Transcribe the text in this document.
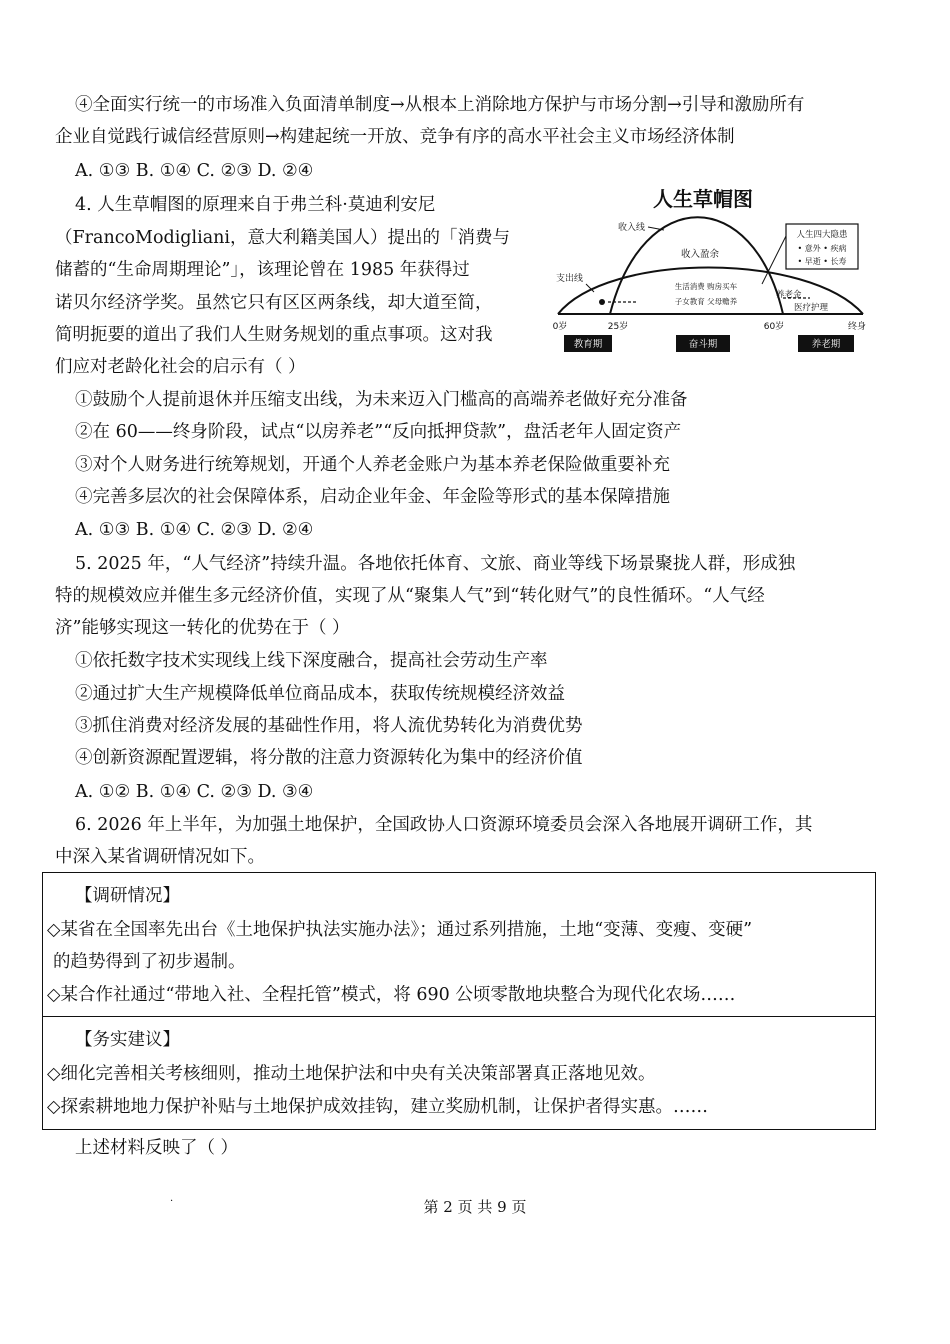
④全面实行统一的市场准入负面清单制度→从根本上消除地方保护与市场分割→引导和激励所有
企业自觉践行诚信经营原则→构建起统一开放、竞争有序的高水平社会主义市场经济体制
A. ①③ B. ①④ C. ②③ D. ②④
4. 人生草帽图的原理来自于弗兰科·莫迪利安尼
（FrancoModigliani，意大利籍美国人）提出的「消费与
储蓄的“生命周期理论”」，该理论曾在 1985 年获得过
诺贝尔经济学奖。虽然它只有区区两条线，却大道至简，
简明扼要的道出了我们人生财务规划的重点事项。这对我
们应对老龄化社会的启示有（ ）
人生草帽图
收入线
收入盈余
支出线
生活消费 购房买车
子女教育 父母赡养
养老金
医疗护理
人生四大隐患
• 意外 • 疾病
• 早逝 • 长寿
0岁	25岁	60岁	终身
教育期	奋斗期	养老期
①鼓励个人提前退休并压缩支出线，为未来迈入门槛高的高端养老做好充分准备
②在 60——终身阶段，试点“以房养老”“反向抵押贷款”，盘活老年人固定资产
③对个人财务进行统筹规划，开通个人养老金账户为基本养老保险做重要补充
④完善多层次的社会保障体系，启动企业年金、年金险等形式的基本保障措施
A. ①③ B. ①④ C. ②③ D. ②④
5. 2025 年，“人气经济”持续升温。各地依托体育、文旅、商业等线下场景聚拢人群，形成独
特的规模效应并催生多元经济价值，实现了从“聚集人气”到“转化财气”的良性循环。“人气经
济”能够实现这一转化的优势在于（ ）
①依托数字技术实现线上线下深度融合，提高社会劳动生产率
②通过扩大生产规模降低单位商品成本，获取传统规模经济效益
③抓住消费对经济发展的基础性作用，将人流优势转化为消费优势
④创新资源配置逻辑，将分散的注意力资源转化为集中的经济价值
A. ①② B. ①④ C. ②③ D. ③④
6. 2026 年上半年，为加强土地保护，全国政协人口资源环境委员会深入各地展开调研工作，其
中深入某省调研情况如下。
【调研情况】
◇某省在全国率先出台《土地保护执法实施办法》；通过系列措施，土地“变薄、变瘦、变硬”
的趋势得到了初步遏制。
◇某合作社通过“带地入社、全程托管”模式，将 690 公顷零散地块整合为现代化农场……
【务实建议】
◇细化完善相关考核细则，推动土地保护法和中央有关决策部署真正落地见效。
◇探索耕地地力保护补贴与土地保护成效挂钩，建立奖励机制，让保护者得实惠。……
上述材料反映了（ ）
·	第 2 页 共 9 页
